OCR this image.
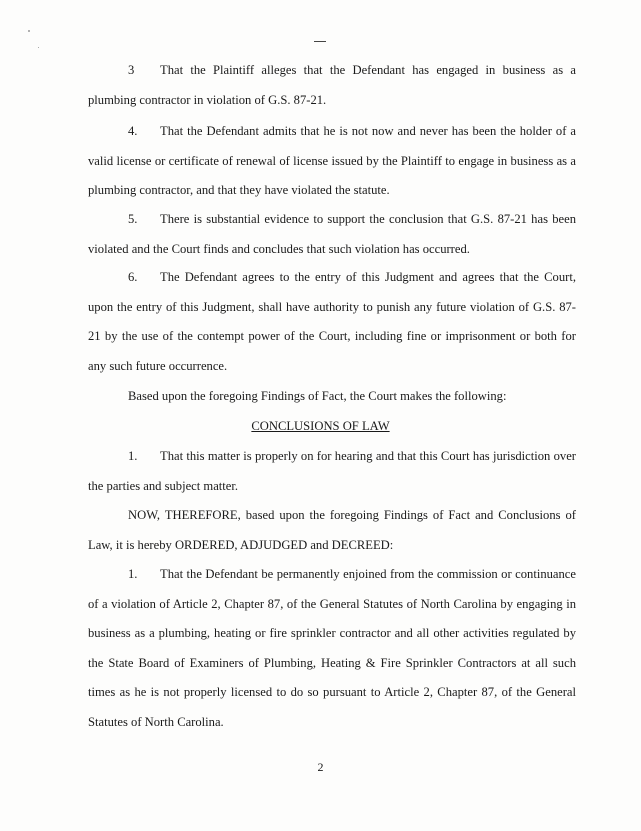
3 That the Plaintiff alleges that the Defendant has engaged in business as a plumbing contractor in violation of G.S. 87-21.

4. That the Defendant admits that he is not now and never has been the holder of a valid license or certificate of renewal of license issued by the Plaintiff to engage in business as a plumbing contractor, and that they have violated the statute.

5. There is substantial evidence to support the conclusion that G.S. 87-21 has been violated and the Court finds and concludes that such violation has occurred.

6. The Defendant agrees to the entry of this Judgment and agrees that the Court, upon the entry of this Judgment, shall have authority to punish any future violation of G.S. 87-21 by the use of the contempt power of the Court, including fine or imprisonment or both for any such future occurrence.

Based upon the foregoing Findings of Fact, the Court makes the following:

CONCLUSIONS OF LAW

1. That this matter is properly on for hearing and that this Court has jurisdiction over the parties and subject matter.

NOW, THEREFORE, based upon the foregoing Findings of Fact and Conclusions of Law, it is hereby ORDERED, ADJUDGED and DECREED:

1. That the Defendant be permanently enjoined from the commission or continuance of a violation of Article 2, Chapter 87, of the General Statutes of North Carolina by engaging in business as a plumbing, heating or fire sprinkler contractor and all other activities regulated by the State Board of Examiners of Plumbing, Heating & Fire Sprinkler Contractors at all such times as he is not properly licensed to do so pursuant to Article 2, Chapter 87, of the General Statutes of North Carolina.

2
